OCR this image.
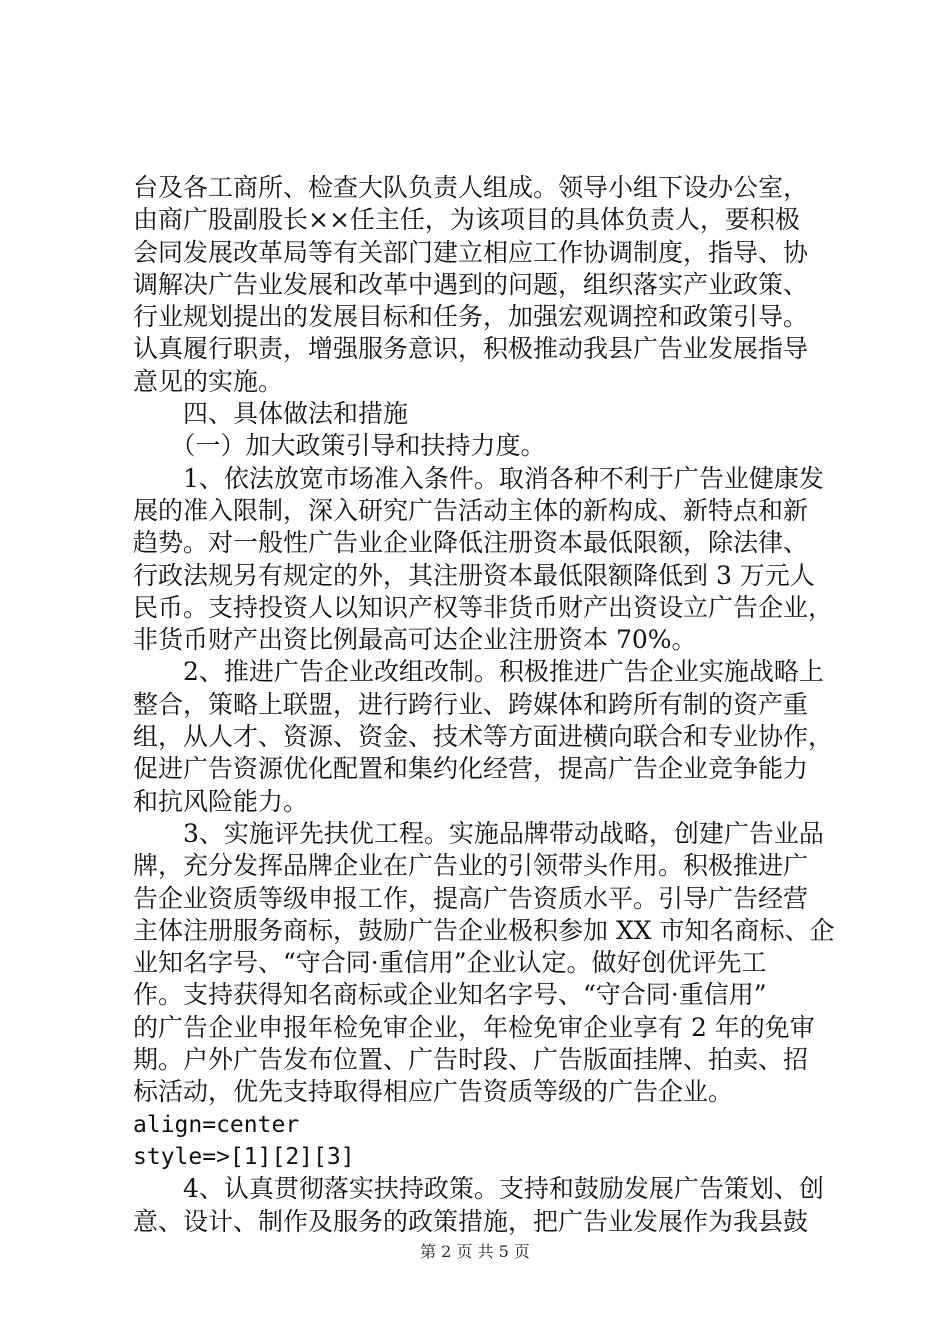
台及各工商所、检查大队负责人组成。领导小组下设办公室，
由商广股副股长××任主任，为该项目的具体负责人，要积极
会同发展改革局等有关部门建立相应工作协调制度，指导、协
调解决广告业发展和改革中遇到的问题，组织落实产业政策、
行业规划提出的发展目标和任务，加强宏观调控和政策引导。
认真履行职责，增强服务意识，积极推动我县广告业发展指导
意见的实施。
　　四、具体做法和措施
　　（一）加大政策引导和扶持力度。
　　1、依法放宽市场准入条件。取消各种不利于广告业健康发
展的准入限制，深入研究广告活动主体的新构成、新特点和新
趋势。对一般性广告业企业降低注册资本最低限额，除法律、
行政法规另有规定的外，其注册资本最低限额降低到 3 万元人
民币。支持投资人以知识产权等非货币财产出资设立广告企业，
非货币财产出资比例最高可达企业注册资本 70%。
　　2、推进广告企业改组改制。积极推进广告企业实施战略上
整合，策略上联盟，进行跨行业、跨媒体和跨所有制的资产重
组，从人才、资源、资金、技术等方面进横向联合和专业协作，
促进广告资源优化配置和集约化经营，提高广告企业竞争能力
和抗风险能力。
　　3、实施评先扶优工程。实施品牌带动战略，创建广告业品
牌，充分发挥品牌企业在广告业的引领带头作用。积极推进广
告企业资质等级申报工作，提高广告资质水平。引导广告经营
主体注册服务商标，鼓励广告企业极积参加 XX 市知名商标、企
业知名字号、“守合同·重信用”企业认定。做好创优评先工
作。支持获得知名商标或企业知名字号、“守合同·重信用”
的广告企业申报年检免审企业，年检免审企业享有 2 年的免审
期。户外广告发布位置、广告时段、广告版面挂牌、拍卖、招
标活动，优先支持取得相应广告资质等级的广告企业。
align=center
style=>[1][2][3]
　　4、认真贯彻落实扶持政策。支持和鼓励发展广告策划、创
意、设计、制作及服务的政策措施，把广告业发展作为我县鼓
第 2 页 共 5 页
